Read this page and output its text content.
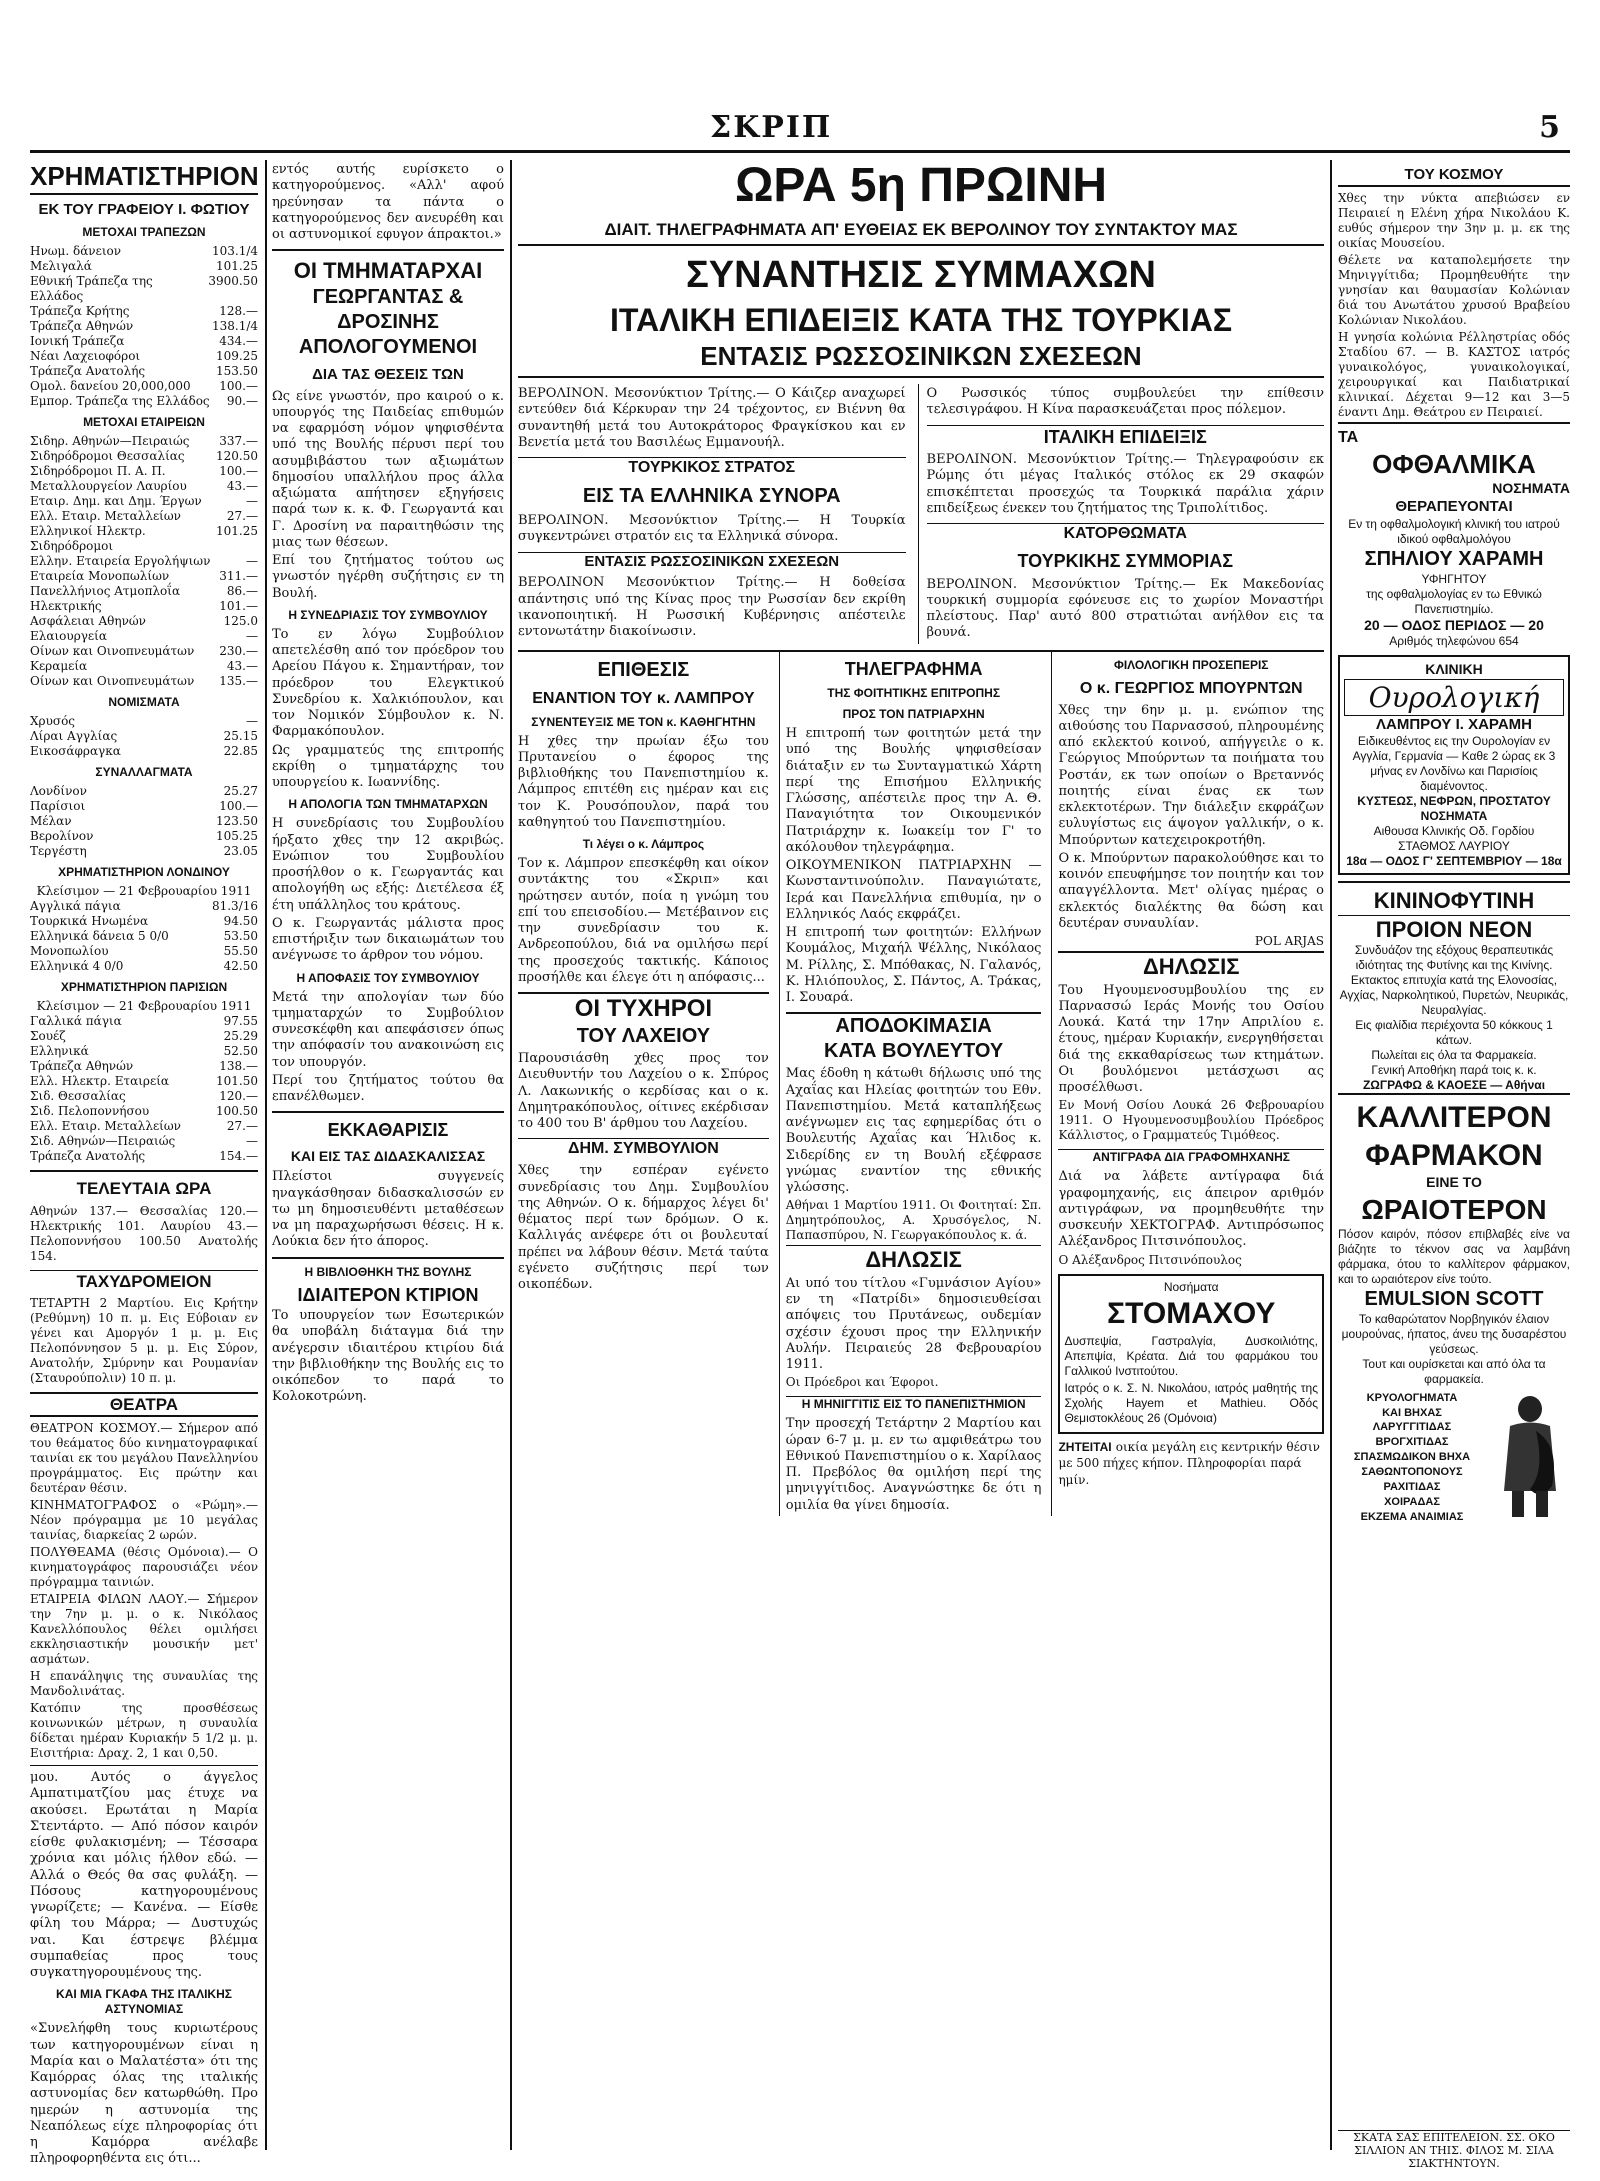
ΣΚΡΙΠ	5
ΧΡΗΜΑΤΙΣΤΗΡΙΟΝ
ΕΚ ΤΟΥ ΓΡΑΦΕΙΟΥ Ι. ΦΩΤΙΟΥ
ΜΕΤΟΧΑΙ ΤΡΑΠΕΖΩΝ
Ηνωμ. δάνειον	103.1/4
Μελιγαλά	101.25
Εθνική Τράπεζα της Ελλάδος
3900.50
Τράπεζα Κρήτης	128.—
Τράπεζα Αθηνών	138.1/4
Ιονική Τράπεζα	434.—
Νέαι Λαχειοφόροι	109.25
Τράπεζα Ανατολής	153.50
Ομολ. δανείου 20,000,000 100.—
Εμπορ. Τράπεζα της Ελλάδος 90.—
ΜΕΤΟΧΑΙ ΕΤΑΙΡΕΙΩΝ
Σιδηρ. Αθηνών—Πειραιώς 337.—
Σιδηρόδρομοι Θεσσαλίας	120.50
Σιδηρόδρομοι Π. Α. Π.	100.—
Μεταλλουργείον Λαυρίου	43.—
Εταιρ. Δημ. και Δημ. Έργων	—
Ελλ. Εταιρ. Μεταλλείων	27.—
Ελληνικοί Ηλεκτρ. Σιδηρόδρομοι
101.25
Ελλην. Εταιρεία Εργολήψιων	—
Εταιρεία Μονοπωλίων	311.—
Πανελλήνιος Ατμοπλοΐα	86.—
Ηλεκτρικής	101.—
Ασφάλειαι Αθηνών	125.0
Ελαιουργεία	—
Οίνων και Οινοπνευμάτων 230.—
Κεραμεία	43.—
Οίνων και Οινοπνευμάτων 135.—
ΝΟΜΙΣΜΑΤΑ
Χρυσός	—
Λίραι Αγγλίας	25.15
Εικοσάφραγκα	22.85
ΣΥΝΑΛΛΑΓΜΑΤΑ
Λονδίνον	25.27
Παρίσιοι	100.—
Μέλαν	123.50
Βερολίνον	105.25
Τεργέστη	23.05
ΧΡΗΜΑΤΙΣΤΗΡΙΟΝ ΛΟΝΔΙΝΟΥ
Κλείσιμον — 21 Φεβρουαρίου 1911
Αγγλικά πάγια	81.3/16
Τουρκικά Ηνωμένα	94.50
Ελληνικά δάνεια 5 0/0	53.50
Μονοπωλίου	55.50
Ελληνικά 4 0/0	42.50
ΧΡΗΜΑΤΙΣΤΗΡΙΟΝ ΠΑΡΙΣΙΩΝ
Κλείσιμον — 21 Φεβρουαρίου 1911
Γαλλικά πάγια	97.55
Σουέζ	25.29
Ελληνικά	52.50
Τράπεζα Αθηνών	138.—
Ελλ. Ηλεκτρ. Εταιρεία	101.50
Σιδ. Θεσσαλίας	120.—
Σιδ. Πελοποννήσου	100.50
Ελλ. Εταιρ. Μεταλλείων	27.—
Σιδ. Αθηνών—Πειραιώς	—
Τράπεζα Ανατολής	154.—
ΤΕΛΕΥΤΑΙΑ ΩΡΑ

Αθηνών 137.— Θεσσαλίας 120.— Ηλεκτρικής 101. Λαυρίου 43.— Πελοποννήσου 100.50 Ανατολής 154.

ΤΑΧΥΔΡΟΜΕΙΟΝ

ΤΕΤΑΡΤΗ 2 Μαρτίου. Εις Κρήτην (Ρεθύμνη) 10 π. μ. Εις Εύβοιαν εν γένει και Αμοργόν 1 μ. μ. Εις Πελοπόννησον 5 μ. μ. Εις Σύρον, Ανατολήν, Σμύρνην και Ρουμανίαν (Σταυρούπολιν) 10 π. μ.

ΘΕΑΤΡΑ

ΘΕΑΤΡΟΝ ΚΟΣΜΟΥ.— Σήμερον από του θεάματος δύο κινηματογραφικαί ταινίαι εκ του μεγάλου Πανελληνίου προγράμματος. Εις πρώτην και δευτέραν θέσιν.

ΚΙΝΗΜΑΤΟΓΡΑΦΟΣ ο «Ρώμη».— Νέον πρόγραμμα με 10 μεγάλας ταινίας, διαρκείας 2 ωρών.

ΠΟΛΥΘΕΑΜΑ (θέσις Ομόνοια).— Ο κινηματογράφος παρουσιάζει νέον πρόγραμμα ταινιών.

ΕΤΑΙΡΕΙΑ ΦΙΛΩΝ ΛΑΟΥ.— Σήμερον την 7ην μ. μ. ο κ. Νικόλαος Κανελλόπουλος θέλει ομιλήσει εκκλησιαστικήν μουσικήν μετ' ασμάτων.

Η επανάληψις της συναυλίας της Μανδολινάτας.

Κατόπιν της προσθέσεως κοινωνικών μέτρων, η συναυλία δίδεται ημέραν Κυριακήν 5 1/2 μ. μ. Εισιτήρια: Δραχ. 2, 1 και 0,50.

μου. Αυτός ο άγγελος Αμπατιματζίου μας έτυχε να ακούσει. Ερωτάται η Μαρία Στεντάρτο. — Από πόσον καιρόν είσθε φυλακισμένη; — Τέσσαρα χρόνια και μόλις ήλθον εδώ. — Αλλά ο Θεός θα σας φυλάξη. — Πόσους κατηγορουμένους γνωρίζετε; — Κανένα. — Είσθε φίλη του Μάρρα; — Δυστυχώς ναι. Και έστρεψε βλέμμα συμπαθείας προς τους συγκατηγορουμένους της.

ΚΑΙ ΜΙΑ ΓΚΑΦΑ ΤΗΣ ΙΤΑΛΙΚΗΣ ΑΣΤΥΝΟΜΙΑΣ

«Συνελήφθη τους κυριωτέρους των κατηγορουμένων είναι η Μαρία και ο Μαλατέστα» ότι της Καμόρρας όλας της ιταλικής αστυνομίας δεν κατωρθώθη. Προ ημερών η αστυνομία της Νεαπόλεως είχε πληροφορίας ότι η Καμόρρα ανέλαβε πληροφορηθέντα εις ότι...

εντός αυτής ευρίσκετο ο κατηγορούμενος. «Αλλ' αφού ηρεύνησαν τα πάντα ο κατηγορούμενος δεν ανευρέθη και οι αστυνομικοί εφυγον άπρακτοι.»

ΟΙ ΤΜΗΜΑΤΑΡΧΑΙ
ΓΕΩΡΓΑΝΤΑΣ & ΔΡΟΣΙΝΗΣ
ΑΠΟΛΟΓΟΥΜΕΝΟΙ
ΔΙΑ ΤΑΣ ΘΕΣΕΙΣ ΤΩΝ

Ως είνε γνωστόν, προ καιρού ο κ. υπουργός της Παιδείας επιθυμών να εφαρμόση νόμον ψηφισθέντα υπό της Βουλής πέρυσι περί του ασυμβιβάστου των αξιωμάτων δημοσίου υπαλλήλου προς άλλα αξιώματα απήτησεν εξηγήσεις παρά των κ. κ. Φ. Γεωργαντά και Γ. Δροσίνη να παραιτηθώσιν της μιας των θέσεων.

Επί του ζητήματος τούτου ως γνωστόν ηγέρθη συζήτησις εν τη Βουλή.

Η ΣΥΝΕΔΡΙΑΣΙΣ ΤΟΥ ΣΥΜΒΟΥΛΙΟΥ

Το εν λόγω Συμβούλιον απετελέσθη από τον πρόεδρον του Αρείου Πάγου κ. Σημαντήραν, τον πρόεδρον του Ελεγκτικού Συνεδρίου κ. Χαλκιόπουλον, και τον Νομικόν Σύμβουλον κ. Ν. Φαρμακόπουλον.

Ως γραμματεύς της επιτροπής εκρίθη ο τμηματάρχης του υπουργείου κ. Ιωαννίδης.

Η ΑΠΟΛΟΓΙΑ ΤΩΝ ΤΜΗΜΑΤΑΡΧΩΝ

Η συνεδρίασις του Συμβουλίου ήρξατο χθες την 12 ακριβώς. Ενώπιον του Συμβουλίου προσήλθον ο κ. Γεωργαντάς και απολογήθη ως εξής: Διετέλεσα έξ έτη υπάλληλος του κράτους.

Ο κ. Γεωργαντάς μάλιστα προς επιστήριξιν των δικαιωμάτων του ανέγνωσε το άρθρον του νόμου.

Η ΑΠΟΦΑΣΙΣ ΤΟΥ ΣΥΜΒΟΥΛΙΟΥ

Μετά την απολογίαν των δύο τμηματαρχών το Συμβούλιον συνεσκέφθη και απεφάσισεν όπως την απόφασίν του ανακοινώση εις τον υπουργόν.

Περί του ζητήματος τούτου θα επανέλθωμεν.

ΕΚΚΑΘΑΡΙΣΙΣ
ΚΑΙ ΕΙΣ ΤΑΣ ΔΙΔΑΣΚΑΛΙΣΣΑΣ

Πλείστοι συγγενείς ηναγκάσθησαν διδασκαλισσών εν τω μη δημοσιευθέντι μεταθέσεων να μη παραχωρήσωσι θέσεις. Η κ. Λούκια δεν ήτο άπορος.

Η ΒΙΒΛΙΟΘΗΚΗ ΤΗΣ ΒΟΥΛΗΣ
ΙΔΙΑΙΤΕΡΟΝ ΚΤΙΡΙΟΝ

Το υπουργείον των Εσωτερικών θα υποβάλη διάταγμα διά την ανέγερσιν ιδιαιτέρου κτιρίου διά την βιβλιοθήκην της Βουλής εις το οικόπεδον το παρά το Κολοκοτρώνη.

ΩΡΑ 5η ΠΡΩΙΝΗ
ΔΙΑΙΤ. ΤΗΛΕΓΡΑΦΗΜΑΤΑ ΑΠ' ΕΥΘΕΙΑΣ ΕΚ ΒΕΡΟΛΙΝΟΥ ΤΟΥ ΣΥΝΤΑΚΤΟΥ ΜΑΣ
ΣΥΝΑΝΤΗΣΙΣ ΣΥΜΜΑΧΩΝ
ΙΤΑΛΙΚΗ ΕΠΙΔΕΙΞΙΣ ΚΑΤΑ ΤΗΣ ΤΟΥΡΚΙΑΣ
ΕΝΤΑΣΙΣ ΡΩΣΣΟΣΙΝΙΚΩΝ ΣΧΕΣΕΩΝ

ΒΕΡΟΛΙΝΟΝ. Μεσονύκτιον Τρίτης.— Ο Κάιζερ αναχωρεί εντεύθεν διά Κέρκυραν την 24 τρέχοντος, εν Βιέννη θα συναντηθή μετά του Αυτοκράτορος Φραγκίσκου και εν Βενετία μετά του Βασιλέως Εμμανουήλ.

ΤΟΥΡΚΙΚΟΣ ΣΤΡΑΤΟΣ
ΕΙΣ ΤΑ ΕΛΛΗΝΙΚΑ ΣΥΝΟΡΑ

ΒΕΡΟΛΙΝΟΝ. Μεσονύκτιον Τρίτης.— Η Τουρκία συγκεντρώνει στρατόν εις τα Ελληνικά σύνορα.

ΕΝΤΑΣΙΣ ΡΩΣΣΟΣΙΝΙΚΩΝ ΣΧΕΣΕΩΝ

ΒΕΡΟΛΙΝΟΝ Μεσονύκτιον Τρίτης.— Η δοθείσα απάντησις υπό της Κίνας προς την Ρωσσίαν δεν εκρίθη ικανοποιητική. Η Ρωσσική Κυβέρνησις απέστειλε εντονωτάτην διακοίνωσιν.

Ο Ρωσσικός τύπος συμβουλεύει την επίθεσιν τελεσιγράφου. Η Κίνα παρασκευάζεται προς πόλεμον.

ΙΤΑΛΙΚΗ ΕΠΙΔΕΙΞΙΣ

ΒΕΡΟΛΙΝΟΝ. Μεσονύκτιον Τρίτης.— Τηλεγραφούσιν εκ Ρώμης ότι μέγας Ιταλικός στόλος εκ 29 σκαφών επισκέπτεται προσεχώς τα Τουρκικά παράλια χάριν επιδείξεως ένεκεν του ζητήματος της Τριπολίτιδος.

ΚΑΤΟΡΘΩΜΑΤΑ
ΤΟΥΡΚΙΚΗΣ ΣΥΜΜΟΡΙΑΣ

ΒΕΡΟΛΙΝΟΝ. Μεσονύκτιον Τρίτης.— Εκ Μακεδονίας τουρκική συμμορία εφόνευσε εις το χωρίον Μοναστήρι πλείστους. Παρ' αυτό 800 στρατιώται ανήλθον εις τα βουνά.

ΕΠΙΘΕΣΙΣ
ΕΝΑΝΤΙΟΝ ΤΟΥ κ. ΛΑΜΠΡΟΥ
ΣΥΝΕΝΤΕΥΞΙΣ ΜΕ ΤΟΝ κ. ΚΑΘΗΓΗΤΗΝ

Η χθες την πρωίαν έξω του Πρυτανείου ο έφορος της βιβλιοθήκης του Πανεπιστημίου κ. Λάμπρος επιτέθη εις ημέραν και εις τον Κ. Ρουσόπουλον, παρά του καθηγητού του Πανεπιστημίου.

Τι λέγει ο κ. Λάμπρος

Τον κ. Λάμπρον επεσκέφθη και οίκον συντάκτης του «Σκριπ» και ηρώτησεν αυτόν, ποία η γνώμη του επί του επεισοδίου.— Μετέβαινον εις την συνεδρίασιν του κ. Ανδρεοπούλου, διά να ομιλήσω περί της προσεχούς τακτικής. Κάποιος προσήλθε και έλεγε ότι η απόφασις...

ΟΙ ΤΥΧΗΡΟΙ
ΤΟΥ ΛΑΧΕΙΟΥ

Παρουσιάσθη χθες προς τον Διευθυντήν του Λαχείου ο κ. Σπύρος Λ. Λακωνικής ο κερδίσας και ο κ. Δημητρακόπουλος, οίτινες εκέρδισαν το 400 του Β' άρθμου του Λαχείου.

ΔΗΜ. ΣΥΜΒΟΥΛΙΟΝ

Χθες την εσπέραν εγένετο συνεδρίασις του Δημ. Συμβουλίου της Αθηνών. Ο κ. δήμαρχος λέγει δι' θέματος περί των δρόμων. Ο κ. Καλλιγάς ανέφερε ότι οι βουλευταί πρέπει να λάβουν θέσιν. Μετά ταύτα εγένετο συζήτησις περί των οικοπέδων.

ΤΗΛΕΓΡΑΦΗΜΑ
ΤΗΣ ΦΟΙΤΗΤΙΚΗΣ ΕΠΙΤΡΟΠΗΣ
ΠΡΟΣ ΤΟΝ ΠΑΤΡΙΑΡΧΗΝ

Η επιτροπή των φοιτητών μετά την υπό της Βουλής ψηφισθείσαν διάταξιν εν τω Συνταγματικώ Χάρτη περί της Επισήμου Ελληνικής Γλώσσης, απέστειλε προς την Α. Θ. Παναγιότητα τον Οικουμενικόν Πατριάρχην κ. Ιωακείμ τον Γ' το ακόλουθον τηλεγράφημα.

ΟΙΚΟΥΜΕΝΙΚΟΝ ΠΑΤΡΙΑΡΧΗΝ — Κωνσταντινούπολιν. Παναγιώτατε, Ιερά και Πανελλήνια επιθυμία, ην ο Ελληνικός Λαός εκφράζει.

Η επιτροπή των φοιτητών: Ελλήνων Κουμάλος, Μιχαήλ Ψέλλης, Νικόλαος Μ. Ρίλλης, Σ. Μπόθακας, Ν. Γαλανός, Κ. Ηλιόπουλος, Σ. Πάντος, Α. Τράκας, Ι. Σουαρά.

ΑΠΟΔΟΚΙΜΑΣΙΑ
ΚΑΤΑ ΒΟΥΛΕΥΤΟΥ

Μας έδοθη η κάτωθι δήλωσις υπό της Αχαΐας και Ηλείας φοιτητών του Εθν. Πανεπιστημίου. Μετά καταπλήξεως ανέγνωμεν εις τας εφημερίδας ότι ο Βουλευτής Αχαΐας και Ήλιδος κ. Σιδερίδης εν τη Βουλή εξέφρασε γνώμας εναντίον της εθνικής γλώσσης.

Αθήναι 1 Μαρτίου 1911. Οι Φοιτηταί: Σπ. Δημητρόπουλος, Α. Χρυσόγελος, Ν. Παπασπύρου, Ν. Γεωργακόπουλος κ. ά.

ΔΗΛΩΣΙΣ

Αι υπό του τίτλου «Γυμνάσιον Αγίου» εν τη «Πατρίδι» δημοσιευθείσαι απόψεις του Πρυτάνεως, ουδεμίαν σχέσιν έχουσι προς την Ελληνικήν Αυλήν. Πειραιεύς 28 Φεβρουαρίου 1911.

Οι Πρόεδροι και Έφοροι.

Η ΜΗΝΙΓΓΙΤΙΣ ΕΙΣ ΤΟ ΠΑΝΕΠΙΣΤΗΜΙΟΝ

Την προσεχή Τετάρτην 2 Μαρτίου και ώραν 6-7 μ. μ. εν τω αμφιθεάτρω του Εθνικού Πανεπιστημίου ο κ. Χαρίλαος Π. Πρεβόλος θα ομιλήση περί της μηνιγγίτιδος. Αναγνώστηκε δε ότι η ομιλία θα γίνει δημοσία.

ΦΙΛΟΛΟΓΙΚΗ ΠΡΟΣΕΠΕΡΙΣ
Ο κ. ΓΕΩΡΓΙΟΣ ΜΠΟΥΡΝΤΩΝ

Χθες την 6ην μ. μ. ενώπιον της αιθούσης του Παρνασσού, πληρουμένης από εκλεκτού κοινού, απήγγειλε ο κ. Γεώργιος Μπούρντων τα ποιήματα του Ροστάν, εκ των οποίων ο Βρεταννός ποιητής είναι ένας εκ των εκλεκτοτέρων. Την διάλεξιν εκφράζων ευλυγίστως εις άψογον γαλλικήν, ο κ. Μπούρντων κατεχειροκροτήθη.

Ο κ. Μπούρντων παρακολούθησε και το κοινόν επευφήμησε τον ποιητήν και τον απαγγέλλοντα. Μετ' ολίγας ημέρας ο εκλεκτός διαλέκτης θα δώση και δευτέραν συναυλίαν.

POL ARJAS

ΔΗΛΩΣΙΣ

Του Ηγουμενοσυμβουλίου της εν Παρνασσώ Ιεράς Μονής του Οσίου Λουκά. Κατά την 17ην Απριλίου ε. έτους, ημέραν Κυριακήν, ενεργηθήσεται διά της εκκαθαρίσεως των κτημάτων. Οι βουλόμενοι μετάσχωσι ας προσέλθωσι.

Εν Μονή Οσίου Λουκά 26 Φεβρουαρίου 1911. Ο Ηγουμενοσυμβουλίου Πρόεδρος Κάλλιστος, ο Γραμματεύς Τιμόθεος.

ΑΝΤΙΓΡΑΦΑ ΔΙΑ ΓΡΑΦΟΜΗΧΑΝΗΣ

Διά να λάβετε αντίγραφα διά γραφομηχανής, εις άπειρον αριθμόν αντιγράφων, να προμηθευθήτε την συσκευήν ΧΕΚΤΟΓΡΑΦ. Αντιπρόσωπος Αλέξανδρος Πιτσινόπουλος.

Ο Αλέξανδρος Πιτσινόπουλος

Νοσήματα
ΣΤΟΜΑΧΟΥ

Δυσπεψία, Γαστραλγία, Δυσκοιλιότης, Απεπψία, Κρέατα. Διά του φαρμάκου του Γαλλικού Ινστιτούτου.

Ιατρός ο κ. Σ. Ν. Νικολάου, ιατρός μαθητής της Σχολής Hayem et Mathieu. Οδός Θεμιστοκλέους 26 (Ομόνοια)

ΖΗΤΕΙΤΑΙ οικία μεγάλη εις κεντρικήν θέσιν με 500 πήχες κήπον. Πληροφορίαι παρά ημίν.
ΤΟΥ ΚΟΣΜΟΥ

Χθες την νύκτα απεβιώσεν εν Πειραιεί η Ελένη χήρα Νικολάου Κ. ευθύς σήμερον την 3ην μ. μ. εκ της οικίας Μουσείου.

Θέλετε να καταπολεμήσετε την Μηνιγγίτιδα; Προμηθευθήτε την γνησίαν και θαυμασίαν Κολώνιαν διά του Ανωτάτου χρυσού Βραβείου Κολώνιαν Νικολάου.

Η γνησία κολώνια Ρέλληστρίας οδός Σταδίου 67. — Β. ΚΑΣΤΟΣ ιατρός γυναικολόγος, γυναικολογικαί, χειρουργικαί και Παιδιατρικαί κλινικαί. Δέχεται 9—12 και 3—5 έναντι Δημ. Θεάτρου εν Πειραιεί.

ΤΑ
ΟΦΘΑΛΜΙΚΑ
ΝΟΣΗΜΑΤΑ
ΘΕΡΑΠΕΥΟΝΤΑΙ
Εν τη οφθαλμολογική κλινική του ιατρού ιδικού οφθαλμολόγου
ΣΠΗΛΙΟΥ ΧΑΡΑΜΗ
ΥΦΗΓΗΤΟΥ
της οφθαλμολογίας εν τω Εθνικώ Πανεπιστημίω.
20 — ΟΔΟΣ ΠΕΡΙΔΟΣ — 20
Αριθμός τηλεφώνου 654
ΚΛΙΝΙΚΗ
Ουρολογική
ΛΑΜΠΡΟΥ Ι. ΧΑΡΑΜΗ
Ειδικευθέντος εις την Ουρολογίαν εν Αγγλία, Γερμανία — Καθε 2 ώρας εκ 3 μήνας εν Λονδίνω και Παρισίοις διαμένοντος.
ΚΥΣΤΕΩΣ, ΝΕΦΡΩΝ, ΠΡΟΣΤΑΤΟΥ ΝΟΣΗΜΑΤΑ
Αιθουσα Κλινικής Οδ. Γορδίου
ΣΤΑΘΜΟΣ ΛΑΥΡΙΟΥ
18α — ΟΔΟΣ Γ' ΣΕΠΤΕΜΒΡΙΟΥ — 18α
ΚΙΝΙΝΟΦΥΤΙΝΗ
ΠΡΟΙΟΝ ΝΕΟΝ
Συνδυάζον της εξόχους θεραπευτικάς ιδιότητας της Φυτίνης και της Κινίνης.
Εκτακτος επιτυχία κατά της Ελονοσίας, Αγχίας, Ναρκολητικού, Πυρετών, Νευρικάς, Νευραλγίας.
Εις φιαλίδια περιέχοντα 50 κόκκους 1 κάτων.
Πωλείται εις όλα τα Φαρμακεία.
Γενική Αποθήκη παρά τοις κ. κ.
ΖΩΓΡΑΦΩ & ΚΑΟΕΣΕ — Αθήναι
ΚΑΛΛΙΤΕΡΟΝ
ΦΑΡΜΑΚΟΝ
ΕΙΝΕ ΤΟ
ΩΡΑΙΟΤΕΡΟΝ
Πόσον καιρόν, πόσον επιβλαβές είνε να βιάζητε το τέκνον σας να λαμβάνη φάρμακα, ότου το καλλίτερον φάρμακον, και το ωραιότερον είνε τούτο.
EMULSION SCOTT
Το καθαρώτατον Νορβηγικόν έλαιον μουρούνας, ήπατος, άνευ της δυσαρέστου γεύσεως.
Τουτ και ουρίσκεται και από όλα τα φαρμακεία.
ΚΡΥΟΛΟΓΗΜΑΤΑ
ΚΑΙ ΒΗΧΑΣ
ΛΑΡΥΓΓΙΤΙΔΑΣ
ΒΡΟΓΧΙΤΙΔΑΣ
ΣΠΑΣΜΩΔΙΚΟΝ ΒΗΧΑ
ΣΑΘΩΝΤΟΠΟΝΟΥΣ
ΡΑΧΙΤΙΔΑΣ
ΧΟΙΡΑΔΑΣ
ΕΚΖΕΜΑ ΑΝΑΙΜΙΑΣ
ΣΚΑΤΑ ΣΑΣ ΕΠΙΤΕΛΕΙΟΝ. ΣΣ. ΟΚΟ ΣΙΛΛΙΟΝ ΑΝ ΤΗΙΣ. ΦΙΛΟΣ Μ. ΣΙΛΑ ΣΙΑΚΤΗΝΤΟΥΝ.
